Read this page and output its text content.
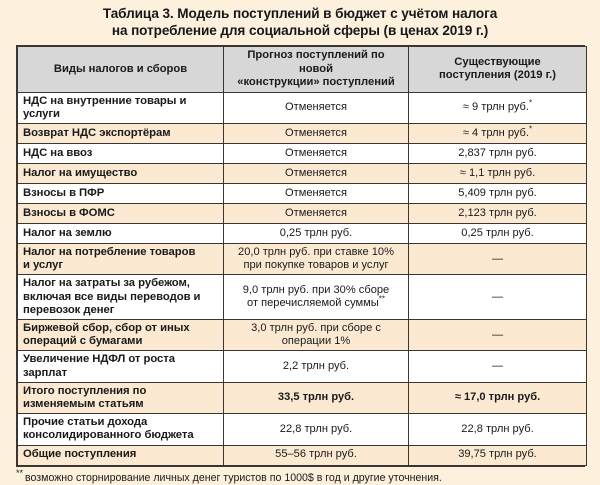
Таблица 3. Модель поступлений в бюджет с учётом налога
на потребление для социальной сферы (в ценах 2019 г.)
Виды налогов и сборов	Прогноз поступлений по новой
«конструкции» поступлений	Существующие
поступления (2019 г.)
НДС на внутренние товары и
услуги	Отменяется	≈ 9 трлн руб.*
Возврат НДС экспортёрам	Отменяется	≈ 4 трлн руб.*
НДС на ввоз	Отменяется	2,837 трлн руб.
Налог на имущество	Отменяется	≈ 1,1 трлн руб.
Взносы в ПФР	Отменяется	5,409 трлн руб.
Взносы в ФОМС	Отменяется	2,123 трлн руб.
Налог на землю	0,25 трлн руб.	0,25 трлн руб.
Налог на потребление товаров
и услуг	20,0 трлн руб. при ставке 10%
при покупке товаров и услуг	—
Налог на затраты за рубежом,
включая все виды переводов и
перевозок денег	9,0 трлн руб. при 30% сборе
от перечисляемой суммы**	—
Биржевой сбор, сбор от иных
операций с бумагами	3,0 трлн руб. при сборе с
операции 1%	—
Увеличение НДФЛ от роста
зарплат	2,2 трлн руб.	—
Итого поступления по
изменяемым статьям	33,5 трлн руб.	≈ 17,0 трлн руб.
Прочие статьи дохода
консолидированного бюджета	22,8 трлн руб.	22,8 трлн руб.
Общие поступления	55–56 трлн руб.	39,75 трлн руб.
** возможно сторнирование личных денег туристов по 1000$ в год и другие уточнения.
